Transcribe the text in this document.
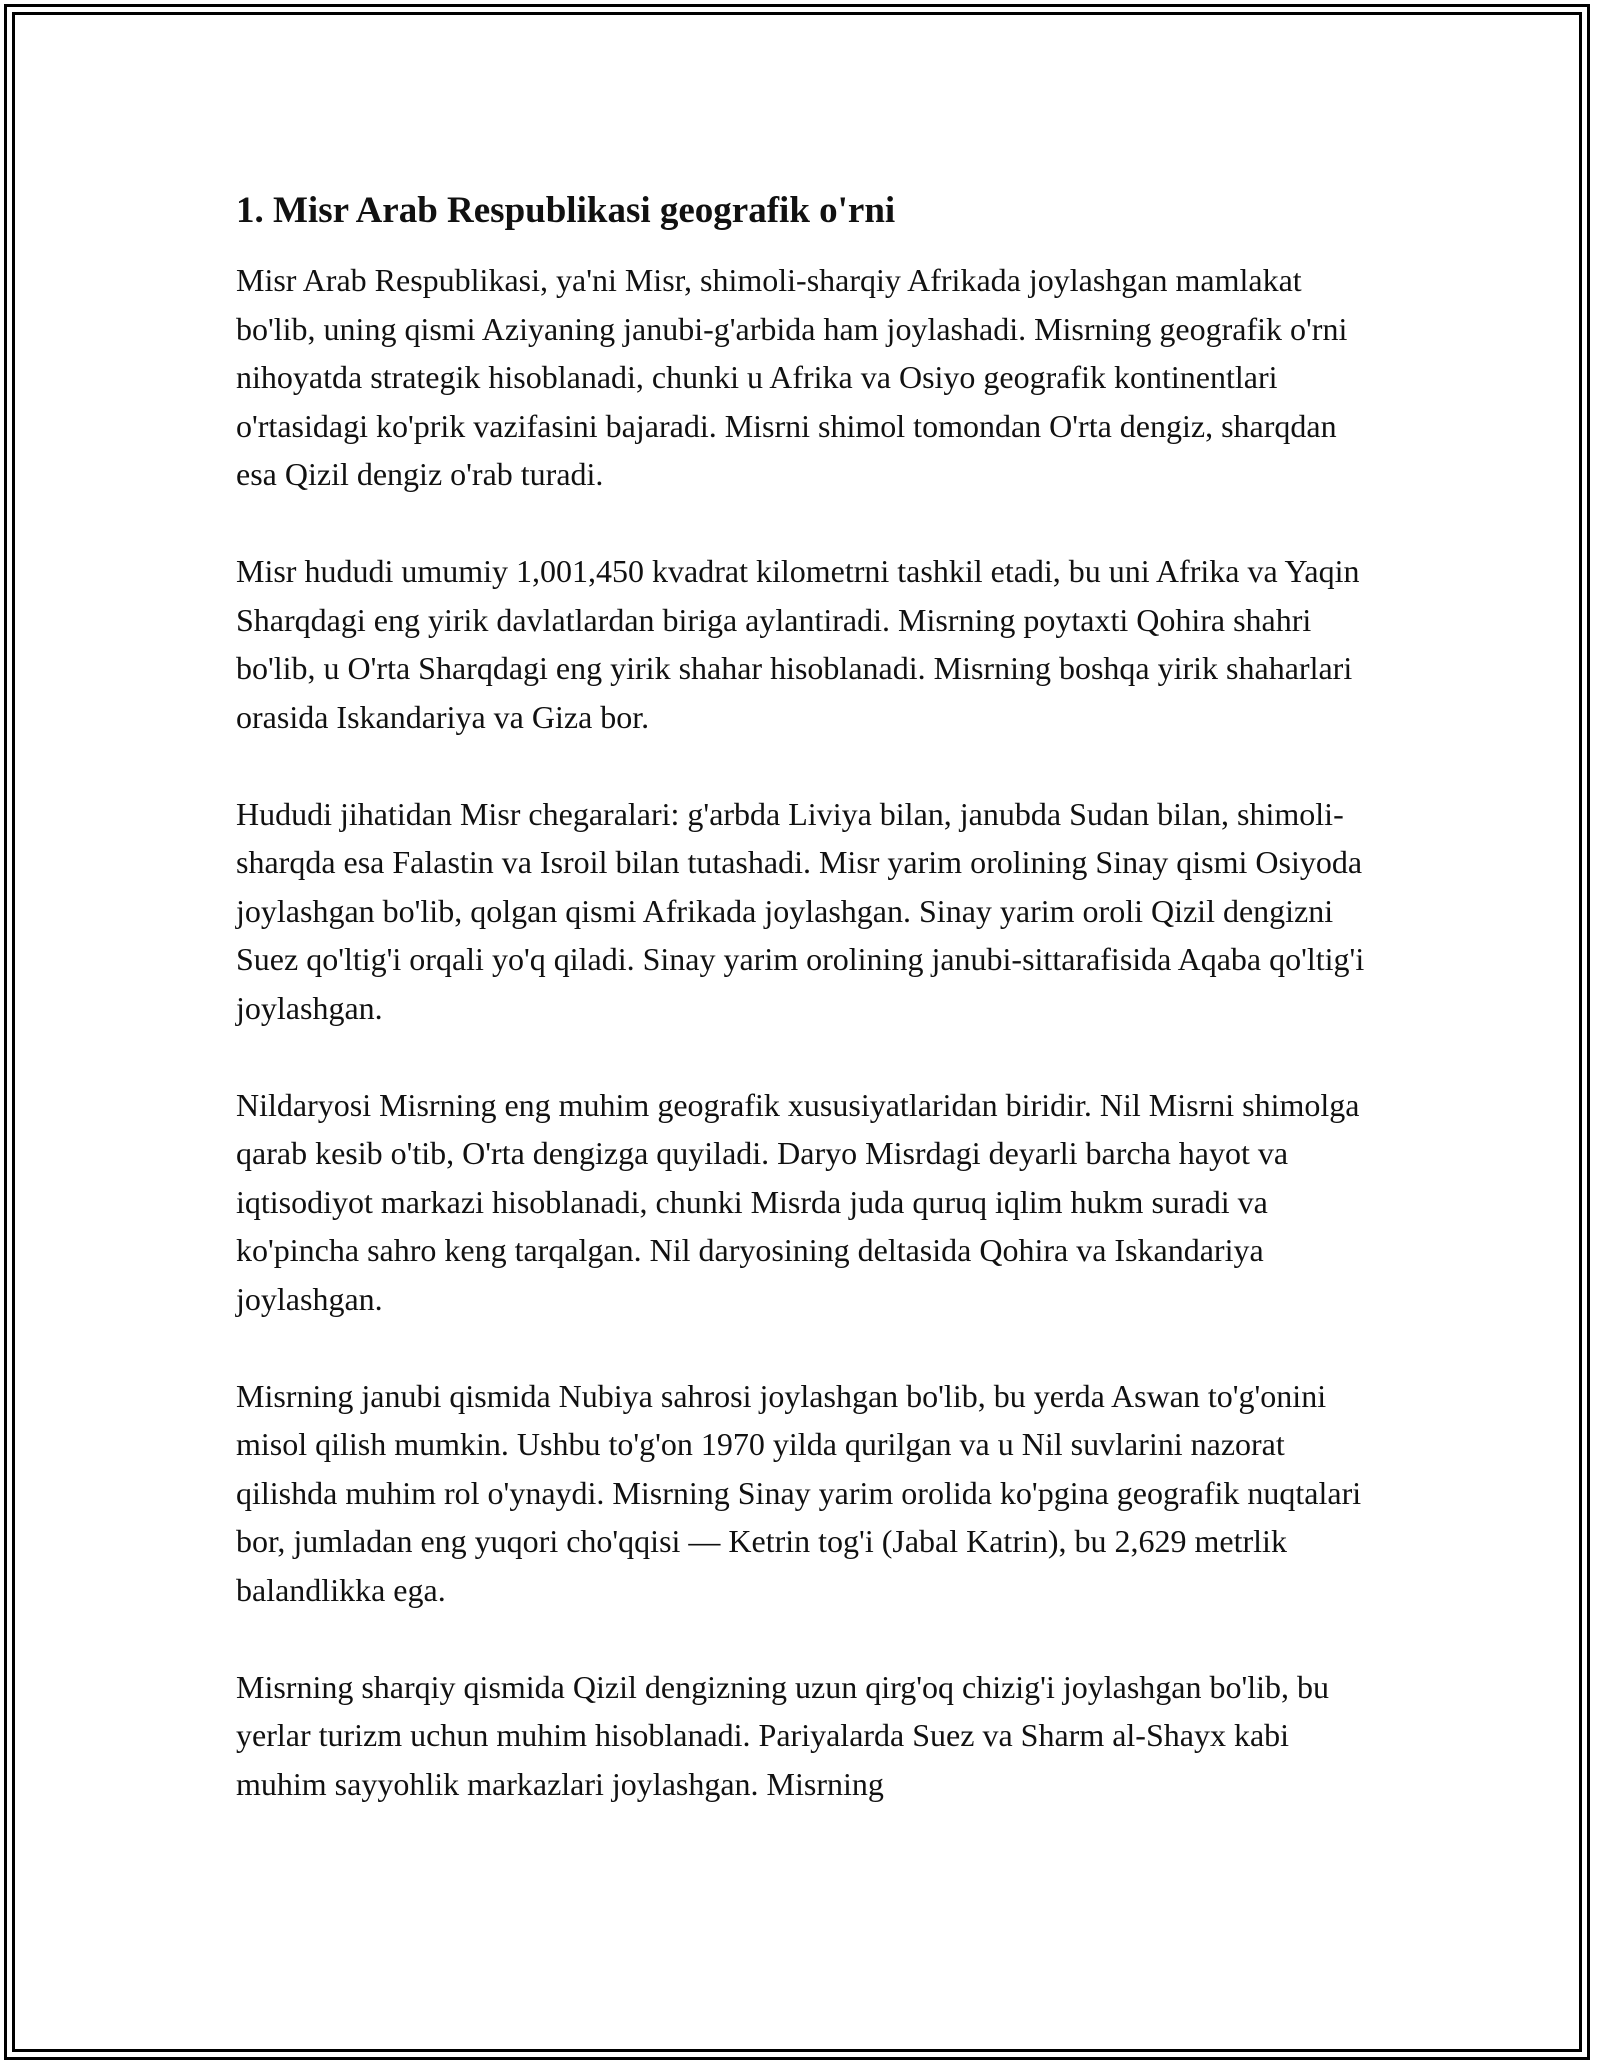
1. Misr Arab Respublikasi geografik o'rni

Misr Arab Respublikasi, ya'ni Misr, shimoli-sharqiy Afrikada joylashgan mamlakat bo'lib, uning qismi Aziyaning janubi-g'arbida ham joylashadi. Misrning geografik o'rni nihoyatda strategik hisoblanadi, chunki u Afrika va Osiyo geografik kontinentlari o'rtasidagi ko'prik vazifasini bajaradi. Misrni shimol tomondan O'rta dengiz, sharqdan esa Qizil dengiz o'rab turadi.

Misr hududi umumiy 1,001,450 kvadrat kilometrni tashkil etadi, bu uni Afrika va Yaqin Sharqdagi eng yirik davlatlardan biriga aylantiradi. Misrning poytaxti Qohira shahri bo'lib, u O'rta Sharqdagi eng yirik shahar hisoblanadi. Misrning boshqa yirik shaharlari orasida Iskandariya va Giza bor.

Hududi jihatidan Misr chegaralari: g'arbda Liviya bilan, janubda Sudan bilan, shimoli-sharqda esa Falastin va Isroil bilan tutashadi. Misr yarim orolining Sinay qismi Osiyoda joylashgan bo'lib, qolgan qismi Afrikada joylashgan. Sinay yarim oroli Qizil dengizni Suez qo'ltig'i orqali yo'q qiladi. Sinay yarim orolining janubi-sittarafisida Aqaba qo'ltig'i joylashgan.

Nildaryosi Misrning eng muhim geografik xususiyatlaridan biridir. Nil Misrni shimolga qarab kesib o'tib, O'rta dengizga quyiladi. Daryo Misrdagi deyarli barcha hayot va iqtisodiyot markazi hisoblanadi, chunki Misrda juda quruq iqlim hukm suradi va ko'pincha sahro keng tarqalgan. Nil daryosining deltasida Qohira va Iskandariya joylashgan.

Misrning janubi qismida Nubiya sahrosi joylashgan bo'lib, bu yerda Aswan to'g'onini misol qilish mumkin. Ushbu to'g'on 1970 yilda qurilgan va u Nil suvlarini nazorat qilishda muhim rol o'ynaydi. Misrning Sinay yarim orolida ko'pgina geografik nuqtalari bor, jumladan eng yuqori cho'qqisi — Ketrin tog'i (Jabal Katrin), bu 2,629 metrlik balandlikka ega.

Misrning sharqiy qismida Qizil dengizning uzun qirg'oq chizig'i joylashgan bo'lib, bu yerlar turizm uchun muhim hisoblanadi. Pariyalarda Suez va Sharm al-Shayx kabi muhim sayyohlik markazlari joylashgan. Misrning
